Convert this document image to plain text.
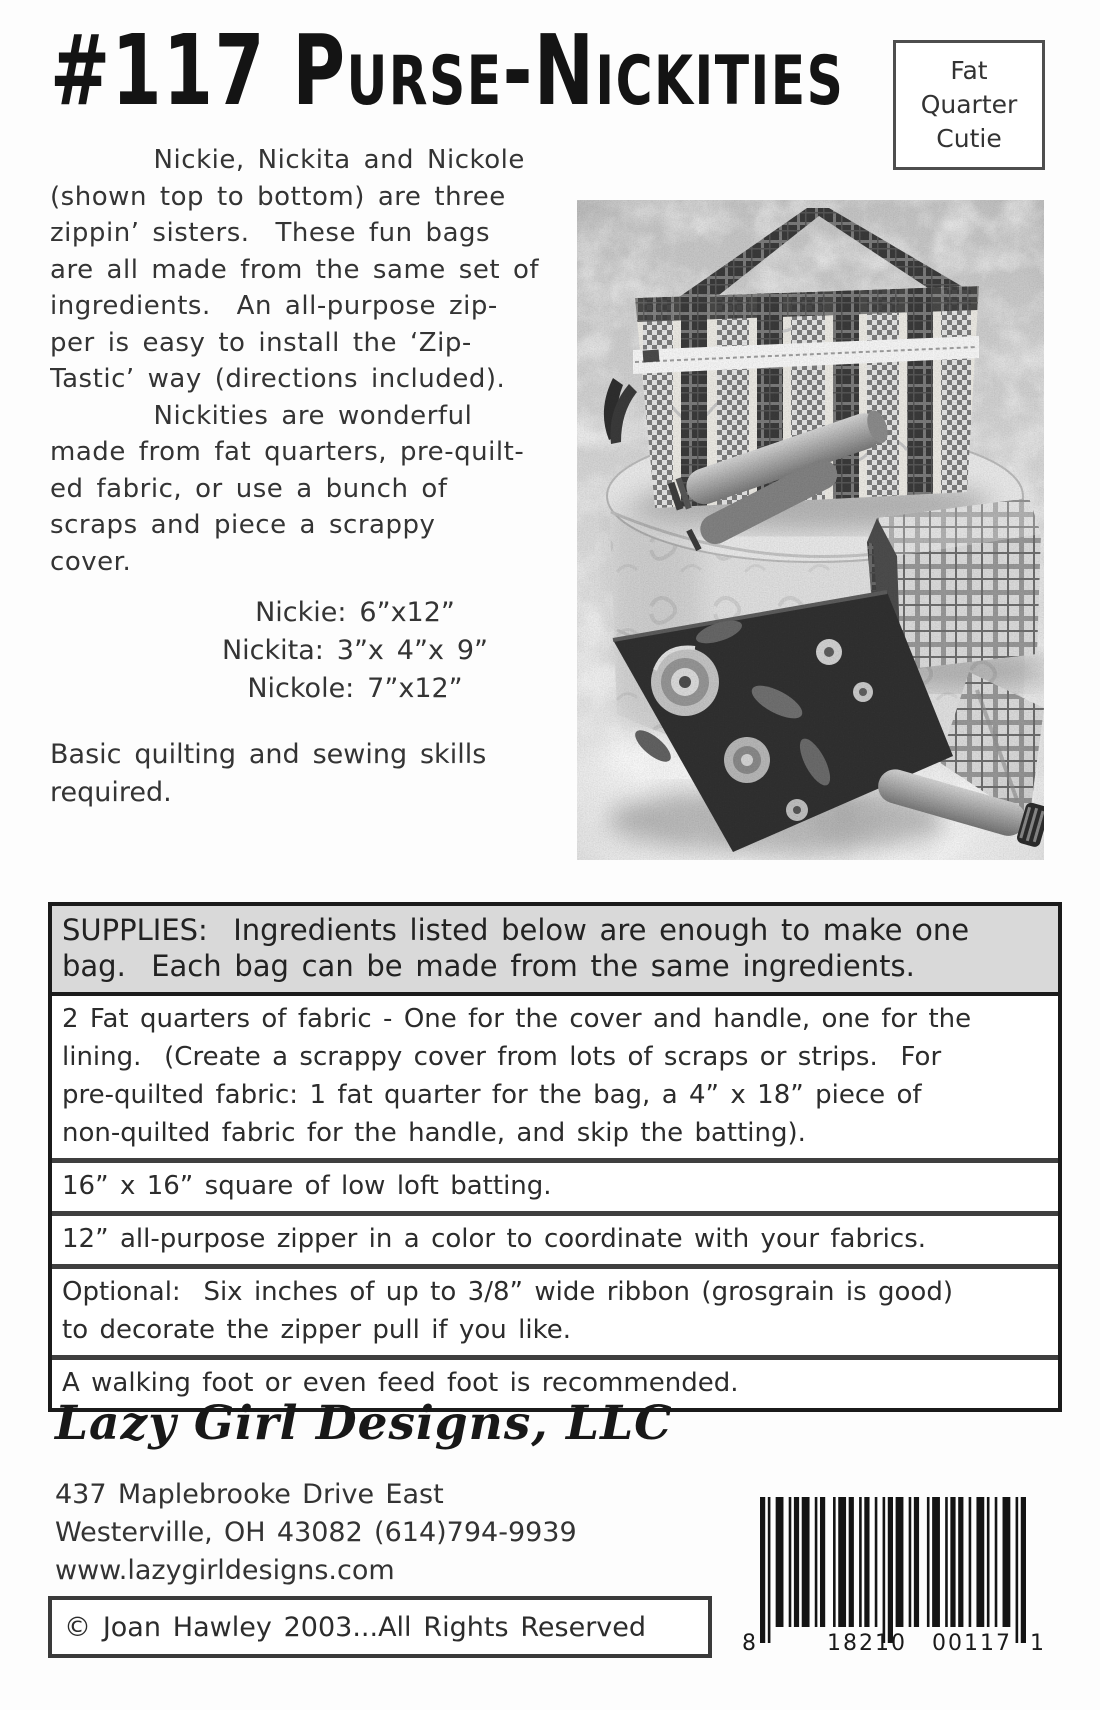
#117 Purse-Nickities	Fat
Quarter
Cutie
Nickie, Nickita and Nickole
(shown top to bottom) are three
zippin’ sisters.  These fun bags
are all made from the same set of
ingredients.  An all-purpose zip-
per is easy to install the ‘Zip-
Tastic’ way (directions included).
Nickities are wonderful
made from fat quarters, pre-quilt-
ed fabric, or use a bunch of
scraps and piece a scrappy
cover.
Nickie: 6”x12”
Nickita: 3”x 4”x 9”
Nickole: 7”x12”
Basic quilting and sewing skills
required.
SUPPLIES:  Ingredients listed below are enough to make one
bag.  Each bag can be made from the same ingredients.
2 Fat quarters of fabric - One for the cover and handle, one for the
lining.  (Create a scrappy cover from lots of scraps or strips.  For
pre-quilted fabric: 1 fat quarter for the bag, a 4” x 18” piece of
non-quilted fabric for the handle, and skip the batting).
16” x 16” square of low loft batting.
12” all-purpose zipper in a color to coordinate with your fabrics.
Optional:  Six inches of up to 3/8” wide ribbon (grosgrain is good)
to decorate the zipper pull if you like.
A walking foot or even feed foot is recommended.
Lazy Girl Designs, LLC
437 Maplebrooke Drive East
Westerville, OH 43082 (614)794-9939
www.lazygirldesigns.com
© Joan Hawley 2003...All Rights Reserved
8	18210	00117 1
